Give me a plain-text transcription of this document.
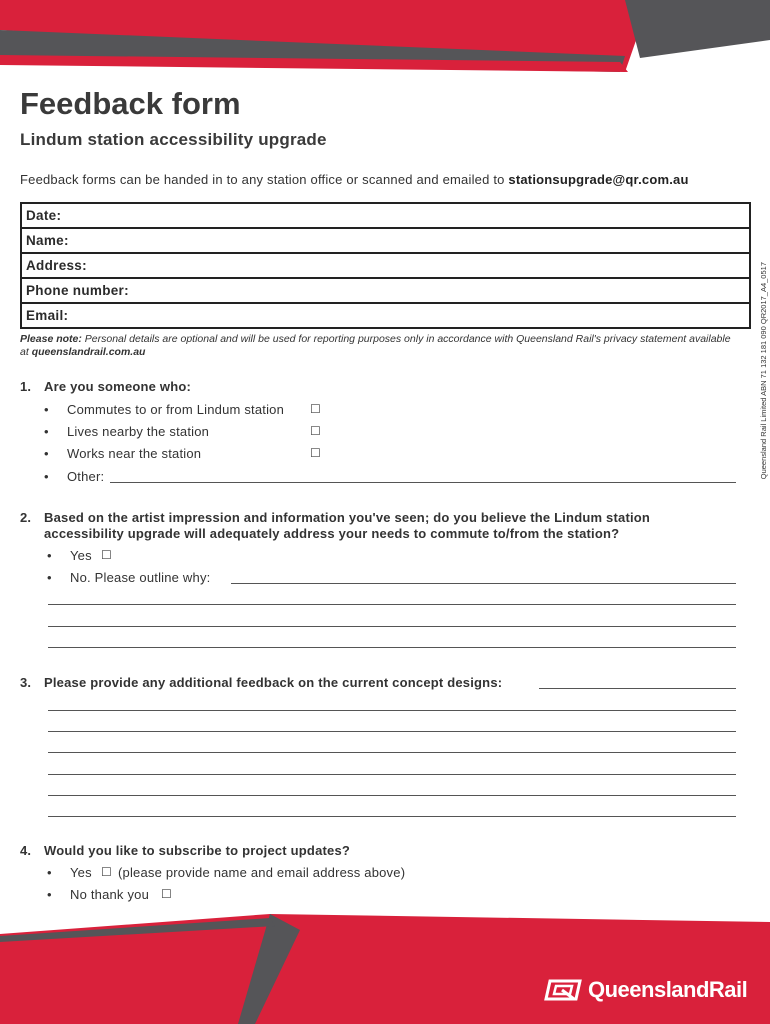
Feedback form
Lindum station accessibility upgrade
Feedback forms can be handed in to any station office or scanned and emailed to stationsupgrade@qr.com.au
Date:
Name:
Address:
Phone number:
Email:	Queensland Rail Limited ABN 71 132 181 090 QR2017_A4_0517
Please note: Personal details are optional and will be used for reporting purposes only in accordance with Queensland Rail's privacy statement available at queenslandrail.com.au
1. Are you someone who:
• Commutes to or from Lindum station ☐
• Lives nearby the station	☐
• Works near the station	☐
• Other:
2. Based on the artist impression and information you've seen; do you believe the Lindum station
accessibility upgrade will adequately address your needs to commute to/from the station?
• Yes ☐
• No. Please outline why:
3. Please provide any additional feedback on the current concept designs:
4. Would you like to subscribe to project updates?
• Yes ☐ (please provide name and email address above)
• No thank you ☐
QueenslandRail
